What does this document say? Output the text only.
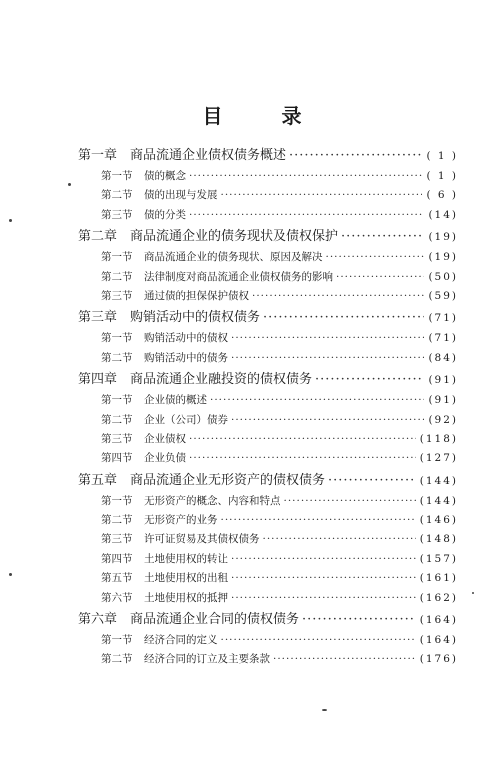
目 录
第一章 商品流通企业债权债务概述 ·····	( 1 )
第一节	债的概念 ·····	( 1 )
第二节	债的出现与发展 ·····	( 6 )
第三节	债的分类 ·····	(14)
第二章 商品流通企业的债务现状及债权保护 ·····	(19)
第一节	商品流通企业的债务现状、原因及解决 ·····	(19)
第二节	法律制度对商品流通企业债权债务的影响 ·····	(50)
第三节	通过债的担保保护债权 ·····	(59)
第三章 购销活动中的债权债务 ·····	(71)
第一节	购销活动中的债权 ·····	(71)
第二节	购销活动中的债务 ·····	(84)
第四章 商品流通企业融投资的债权债务 ·····	(91)
第一节	企业债的概述 ·····	(91)
第二节	企业（公司）债券 ·····	(92)
第三节	企业债权 ·····	(118)
第四节	企业负债 ·····	(127)
第五章 商品流通企业无形资产的债权债务 ·····	(144)
第一节	无形资产的概念、内容和特点 ·····	(144)
第二节	无形资产的业务 ·····	(146)
第三节	许可证贸易及其债权债务 ·····	(148)
第四节	土地使用权的转让 ·····	(157)
第五节	土地使用权的出租 ·····	(161)
第六节	土地使用权的抵押 ·····	(162)
第六章 商品流通企业合同的债权债务 ·····	(164)
第一节	经济合同的定义 ·····	(164)
第二节	经济合同的订立及主要条款 ·····	(176)
